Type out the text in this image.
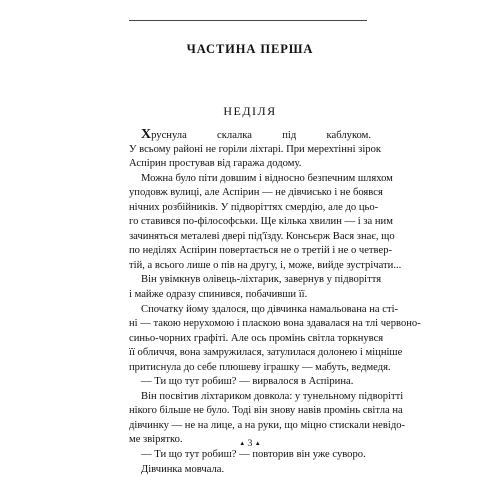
ЧАСТИНА ПЕРША
НЕДІЛЯ
Хруснула склалка під каблуком.
У всьому районі не горіли ліхтарі. При мерехтінні зірок
Аспірин простував від гаража додому.
Можна було піти довшим і відносно безпечним шляхом
уподовж вулиці, але Аспірин — не дівчисько і не боявся
нічних розбійників. У підворіттях смердію, але до цьо-
го ставився по-філософськи. Ще кілька хвилин — і за ним
зачиняться металеві двері під'їзду. Консьєрж Вася знає, що
по неділях Аспірин повертається не о третій і не о четвер-
тій, а всього лише о пів на другу, і, може, вийде зустрічати...
Він увімкнув олівець-ліхтарик, завернув у підворіття
і майже одразу спинився, побачивши її.
Спочатку йому здалося, що дівчинка намальована на сті-
ні — такою нерухомою і пласкою вона здавалася на тлі червоно-
синьо-чорних графіті. Але ось промінь світла торкнувся
її обличчя, вона замружилася, затулилася долонею і міцніше
притиснула до себе плюшеву іграшку — мабуть, ведмедя.
— Ти що тут робиш? — вирвалося в Аспірина.
Він посвітив ліхтариком довкола: у тунельному підворітті
нікого більше не було. Тоді він знову навів промінь світла на
дівчинку — не на лице, а на руки, що міцно стискали невідо-
ме звірятко.
— Ти що тут робиш? — повторив він уже суворо.
Дівчинка мовчала.
▲ 3 ▲
